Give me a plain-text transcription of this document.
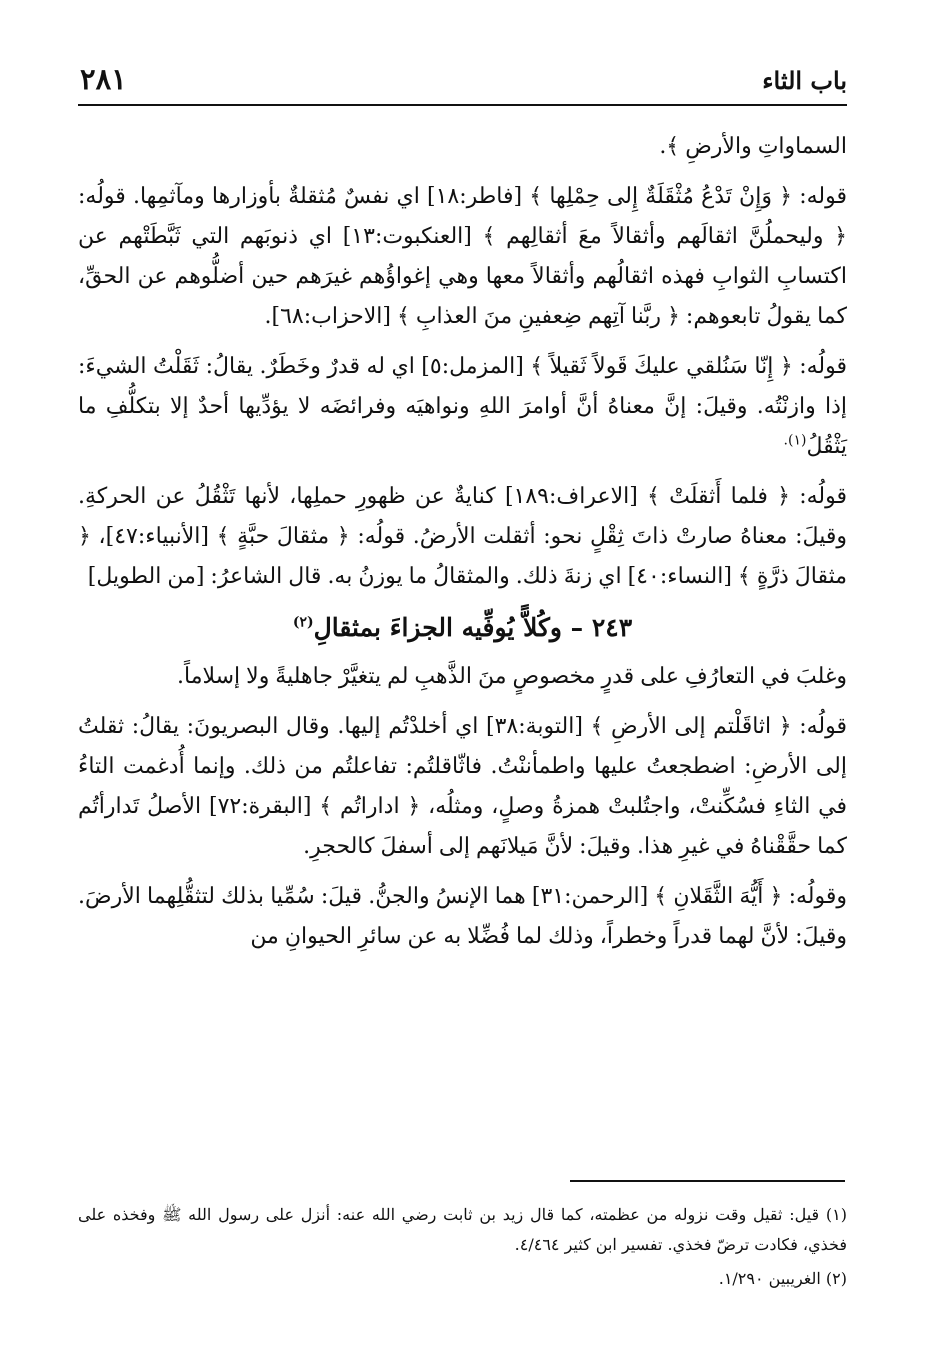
باب الثاء
٢٨١

السماواتِ والأرضِ ﴾.

قوله: ﴿ وَإِنْ تَدْعُ مُثْقَلَةٌ إِلى حِمْلِها ﴾ [فاطر:١٨] اي نفسٌ مُثقلةٌ بأوزارها ومآثمِها. قولُه: ﴿ وليحملُنَّ اثقالَهم وأثقالاً معَ أثقالِهم ﴾ [العنكبوت:١٣] اي ذنوبَهم التي ثَبَّطَتْهم عن اكتسابِ الثوابِ فهذه اثقالُهم وأثقالاً معها وهي إغواؤُهم غيرَهم حين أضلُّوهم عن الحقِّ، كما يقولُ تابعوهم: ﴿ ربَّنا آتِهم ضِعفينِ منَ العذابِ ﴾ [الاحزاب:٦٨].

قولُه: ﴿ إِنّا سَنُلقي عليكَ قَولاً ثَقيلاً ﴾ [المزمل:٥] اي له قدرٌ وخَطَرٌ. يقالُ: ثَقَلْتُ الشيءَ: إذا وازنْتُه. وقيلَ: إنَّ معناهُ أنَّ أوامرَ اللهِ ونواهيَه وفرائضَه لا يؤدِّيها أحدٌ إلا بتكلُّفِ ما يَثْقُلُ$^{(١).}$

قولُه: ﴿ فلما أَثقلَتْ ﴾ [الاعراف:١٨٩] كنايةٌ عن ظهورِ حملِها، لأنها تَثْقُلُ عن الحركةِ. وقيلَ: معناهُ صارتْ ذاتَ ثِقْلٍ نحو: أثقلت الأرضُ. قولُه: ﴿ مثقالَ حبَّةٍ ﴾ [الأنبياء:٤٧]، ﴿ مثقالَ ذرَّةٍ ﴾ [النساء:٤٠] اي زنةَ ذلك. والمثقالُ ما يوزنُ به. قال الشاعرُ: [من الطويل]

٢٤٣ – وكُلاًّ يُوفِّيه الجزاءَ بمثقالِ$^{(٢)}$

وغلبَ في التعارُفِ على قدرٍ مخصوصٍ منَ الذَّهبِ لم يتغيَّرْ جاهليةً ولا إسلاماً.

قولُه: ﴿ اثاقَلْتم إلى الأرضِ ﴾ [التوبة:٣٨] اي أخلدْتُم إليها. وقال البصريونَ: يقالُ: ثقلتُ إلى الأرضِ: اضطجعتُ عليها واطمأننْتُ. فاثّاقلتُم: تفاعلتُم من ذلك. وإنما أُدغمت التاءُ في الثاءِ فسُكِّنتْ، واجتُلبتْ همزةُ وصلٍ، ومثلُه، ﴿ اداراتُم ﴾ [البقرة:٧٢] الأصلُ تَدارأتُم كما حقَّقْناهُ في غيرِ هذا. وقيلَ: لأنَّ مَيلانَهم إلى أسفلَ كالحجرِ.

وقولُه: ﴿ أَيُّهَ الثَّقَلانِ ﴾ [الرحمن:٣١] هما الإنسُ والجنُّ. قيلَ: سُمِّيا بذلك لتثقُّلِهما الأرضَ. وقيلَ: لأنَّ لهما قدراً وخطراً، وذلك لما فُضِّلا به عن سائرِ الحيوانِ من

(١) قيل: ثقيل وقت نزوله من عظمته، كما قال زيد بن ثابت رضي الله عنه: أنزل على رسول الله ﷺ وفخذه على فخذي، فكادت ترضّ فخذي. تفسير ابن كثير ٤/٤٦٤.

(٢) الغريبين ١/٢٩٠.
